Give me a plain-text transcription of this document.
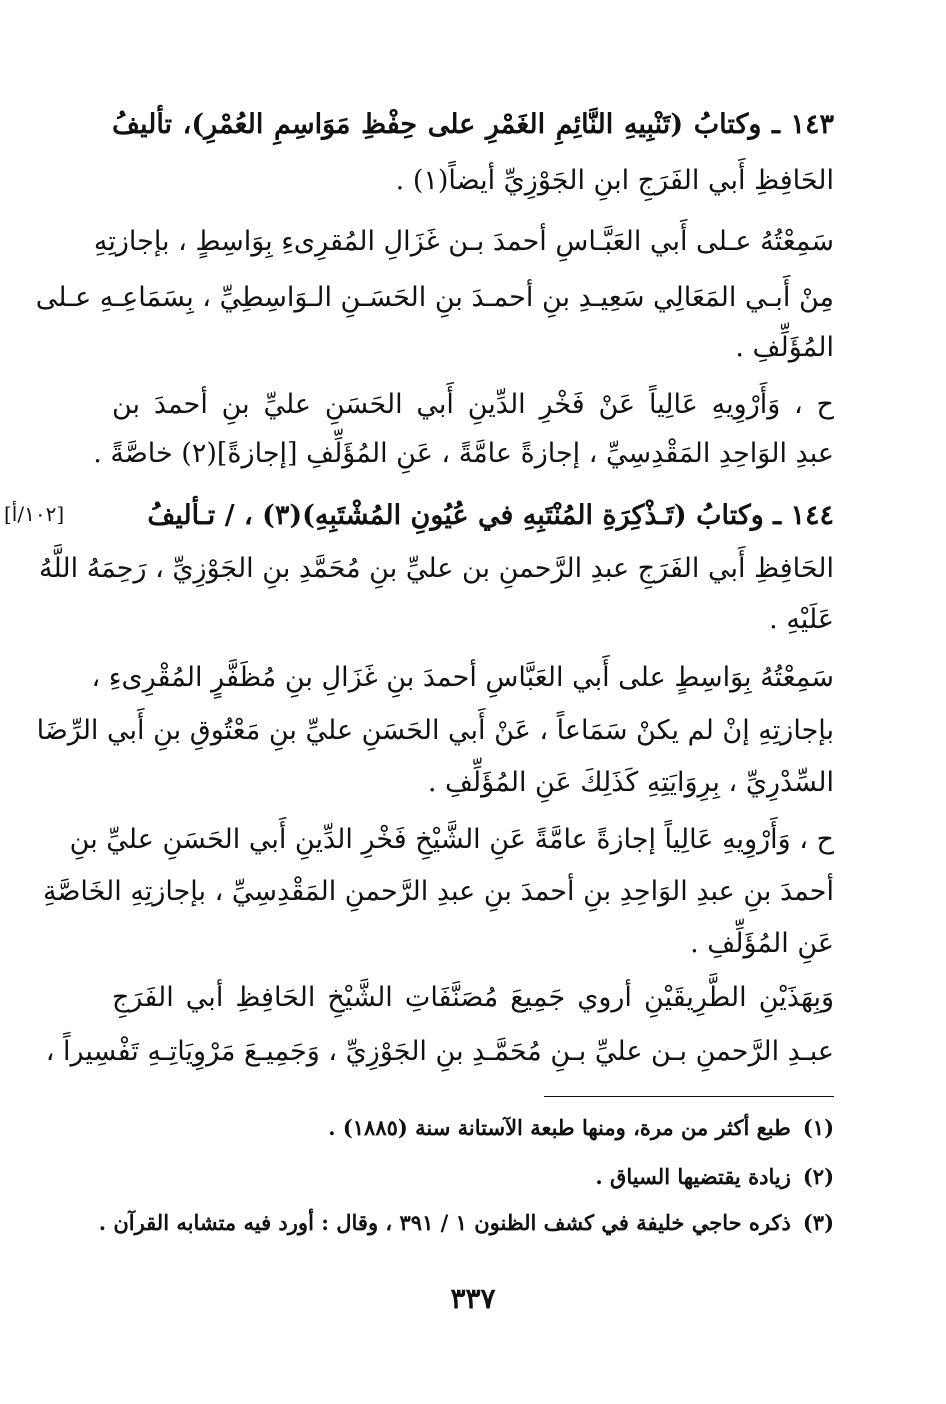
١٤٣ ـ وكتابُ (تَنْبِيهِ النَّائِمِ الغَمْرِ على حِفْظِ مَوَاسِمِ العُمْرِ)، تأليفُ
الحَافِظِ أَبي الفَرَجِ ابنِ الجَوْزِيِّ أيضاً(١) .
سَمِعْتُهُ عـلى أَبي العَبَّـاسِ أحمدَ بـن غَزَالِ المُقرِىءِ بِوَاسِطٍ ، بإجازتِهِ
مِنْ أَبـي المَعَالِي سَعِيـدِ بنِ أحمـدَ بنِ الحَسَـنِ الـوَاسِطِيِّ ، بِسَمَاعِـهِ عـلى
المُؤَلِّفِ .
ح ، وَأَرْوِيهِ عَالِياً عَنْ فَخْرِ الدِّينِ أَبي الحَسَنِ عليِّ بنِ أحمدَ بن
عبدِ الوَاحِدِ المَقْدِسِيِّ ، إجازةً عامَّةً ، عَنِ المُؤَلِّفِ [إجازةً](٢) خاصَّةً .
١٤٤ ـ وكتابُ (تَـذْكِرَةِ المُنْتَبِهِ في عُيُونِ المُشْتَبِهِ)(٣) ، / تـأليفُ
[١٠٢/أ]
الحَافِظِ أَبي الفَرَجِ عبدِ الرَّحمنِ بن عليِّ بنِ مُحَمَّدِ بنِ الجَوْزِيِّ ، رَحِمَهُ اللَّهُ
عَلَيْهِ .
سَمِعْتُهُ بِوَاسِطٍ على أَبي العَبَّاسِ أحمدَ بنِ غَزَالِ بنِ مُظَفَّرٍ المُقْرِىءِ ،
بإجازتِهِ إنْ لم يكنْ سَمَاعاً ، عَنْ أَبي الحَسَنِ عليِّ بنِ مَعْتُوقِ بنِ أَبي الرِّضَا
السِّدْرِيِّ ، بِرِوَايَتِهِ كَذَلِكَ عَنِ المُؤَلِّفِ .
ح ، وَأَرْوِيهِ عَالِياً إجازةً عامَّةً عَنِ الشَّيْخِ فَخْرِ الدِّينِ أَبي الحَسَنِ عليِّ بنِ
أحمدَ بنِ عبدِ الوَاحِدِ بنِ أحمدَ بنِ عبدِ الرَّحمنِ المَقْدِسِيِّ ، بإجازتِهِ الخَاصَّةِ
عَنِ المُؤَلِّفِ .
وَبِهَذَيْنِ الطَّرِيقَيْنِ أروي جَمِيعَ مُصَنَّفَاتِ الشَّيْخِ الحَافِظِ أبي الفَرَجِ
عبـدِ الرَّحمنِ بـن عليِّ بـنِ مُحَمَّـدِ بنِ الجَوْزِيِّ ، وَجَمِيـعَ مَرْوِيَاتِـهِ تَفْسِيراً ،
(١)طبع أكثر من مرة، ومنها طبعة الآستانة سنة (١٨٨٥) .
(٢)زيادة يقتضيها السياق .
(٣)ذكره حاجي خليفة في كشف الظنون ١ / ٣٩١ ، وقال : أورد فيه متشابه القرآن .
٣٣٧
